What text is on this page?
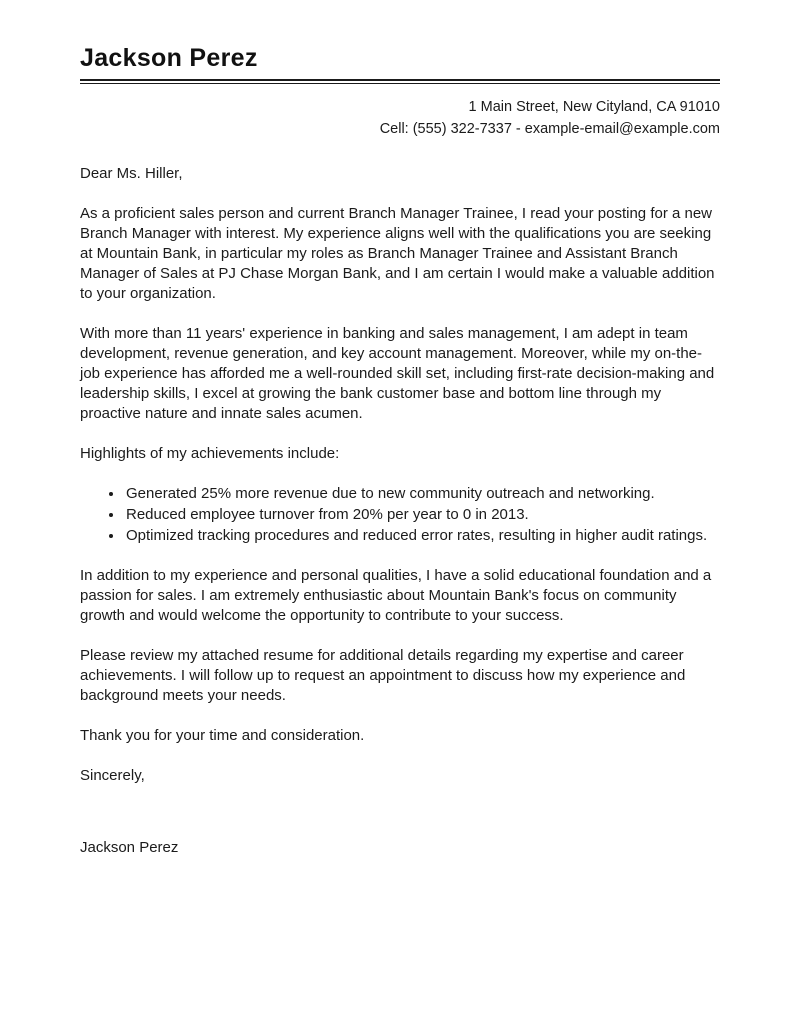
Jackson Perez
1 Main Street, New Cityland, CA 91010
Cell: (555) 322-7337 - example-email@example.com

Dear Ms. Hiller,

As a proficient sales person and current Branch Manager Trainee, I read your posting for a new Branch Manager with interest. My experience aligns well with the qualifications you are seeking at Mountain Bank, in particular my roles as Branch Manager Trainee and Assistant Branch Manager of Sales at PJ Chase Morgan Bank, and I am certain I would make a valuable addition to your organization.

With more than 11 years' experience in banking and sales management, I am adept in team development, revenue generation, and key account management. Moreover, while my on-the-job experience has afforded me a well-rounded skill set, including first-rate decision-making and leadership skills, I excel at growing the bank customer base and bottom line through my proactive nature and innate sales acumen.

Highlights of my achievements include:

• Generated 25% more revenue due to new community outreach and networking.
• Reduced employee turnover from 20% per year to 0 in 2013.
• Optimized tracking procedures and reduced error rates, resulting in higher audit ratings.

In addition to my experience and personal qualities, I have a solid educational foundation and a passion for sales. I am extremely enthusiastic about Mountain Bank's focus on community growth and would welcome the opportunity to contribute to your success.

Please review my attached resume for additional details regarding my expertise and career achievements. I will follow up to request an appointment to discuss how my experience and background meets your needs.

Thank you for your time and consideration.

Sincerely,

Jackson Perez
